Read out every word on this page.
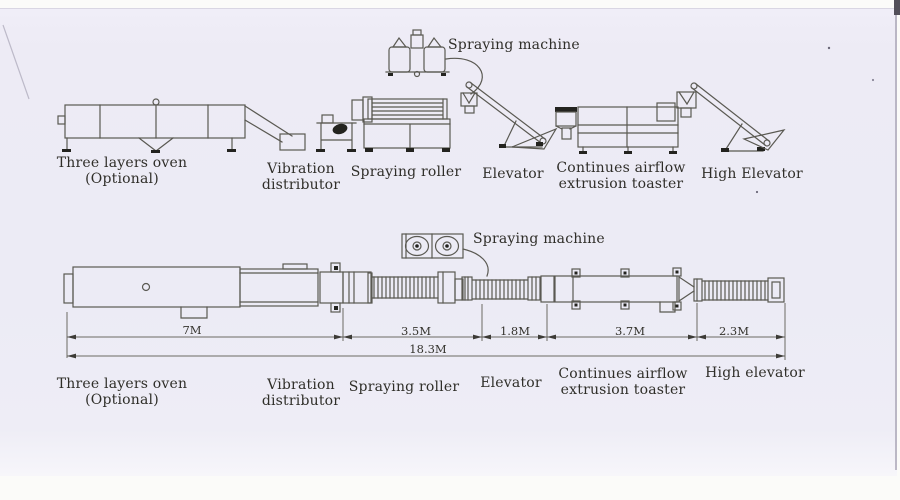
Spraying machine
Three layers oven
(Optional)
Vibration
distributor
Spraying roller Elevator Continues airflow
extrusion toaster
High Elevator
Spraying machine
Three layers oven
(Optional)
Vibration
distributor
Spraying roller Elevator
Continues airflow
extrusion toaster
High elevator
7M	3.5M	1.8M	3.7M	2.3M
18.3M
